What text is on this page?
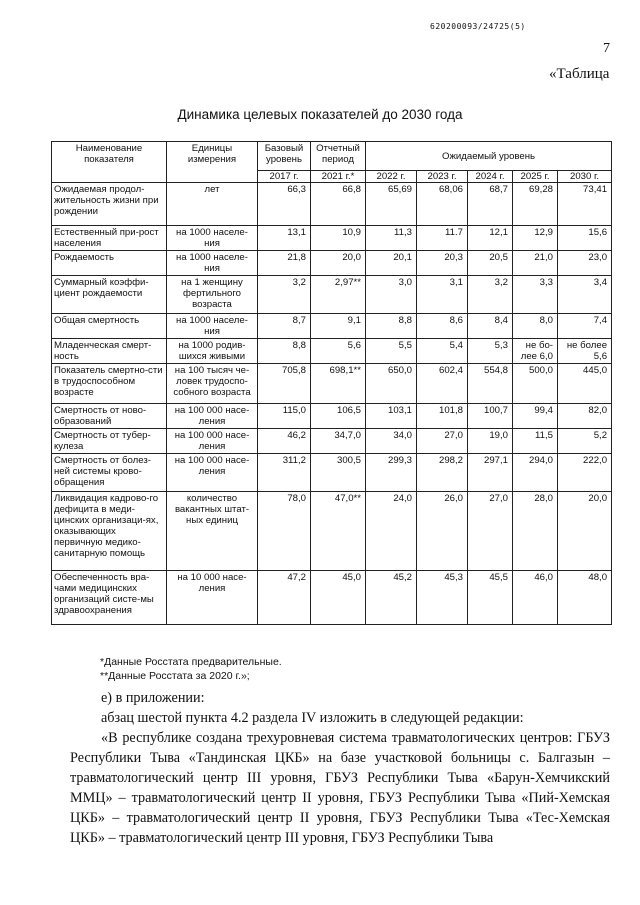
620200093/24725(5)
7
«Таблица
Динамика целевых показателей до 2030 года
Наименование показателя	Единицы измерения	Базовый уровень	Отчетный период	Ожидаемый уровень				
		2017 г.	2021 г.*	2022 г.	2023 г.	2024 г.	2025 г.	2030 г.
Ожидаемая продол-жительность жизни при рождении	лет	66,3	66,8	65,69	68,06	68,7	69,28	73,41
Естественный при-рост населения	на 1000 населе-ния	13,1	10,9	11,3	11.7	12,1	12,9	15,6
Рождаемость	на 1000 населе-ния	21,8	20,0	20,1	20,3	20,5	21,0	23,0
Суммарный коэффи-циент рождаемости	на 1 женщину фертильного возраста	3,2	2,97**	3,0	3,1	3,2	3,3	3,4
Общая смертность	на 1000 населе-ния	8,7	9,1	8,8	8,6	8,4	8,0	7,4
Младенческая смерт-ность	на 1000 родив-шихся живыми	8,8	5,6	5,5	5,4	5,3	не бо-лее 6,0	не более 5,6
Показатель смертно-сти в трудоспособном возрасте	на 100 тысяч че-ловек трудоспо-собного возраста	705,8	698,1**	650,0	602,4	554,8	500,0	445,0
Смертность от ново-образований	на 100 000 насе-ления	115,0	106,5	103,1	101,8	100,7	99,4	82,0
Смертность от тубер-кулеза	на 100 000 насе-ления	46,2	34,7,0	34,0	27,0	19,0	11,5	5,2
Смертность от болез-ней системы крово-обращения	на 100 000 насе-ления	311,2	300,5	299,3	298,2	297,1	294,0	222,0
Ликвидация кадрово-го дефицита в меди-цинских организаци-ях, оказывающих первичную медико-санитарную помощь	количество вакантных штат-ных единиц	78,0	47,0**	24,0	26,0	27,0	28,0	20,0
Обеспеченность вра-чами медицинских организаций систе-мы здравоохранения	на 10 000 насе-ления	47,2	45,0	45,2	45,3	45,5	46,0	48,0
*Данные Росстата предварительные.
**Данные Росстата за 2020 г.»;

е) в приложении:

абзац шестой пункта 4.2 раздела IV изложить в следующей редакции:

«В республике создана трехуровневая система травматологических центров: ГБУЗ Республики Тыва «Тандинская ЦКБ» на базе участковой больницы с. Балгазын – травматологический центр III уровня, ГБУЗ Республики Тыва «Барун-Хемчикский ММЦ» – травматологический центр II уровня, ГБУЗ Республики Тыва «Пий-Хемская ЦКБ» – травматологический центр II уровня, ГБУЗ Республики Тыва «Тес-Хемская ЦКБ» – травматологический центр III уровня, ГБУЗ Республики Тыва
